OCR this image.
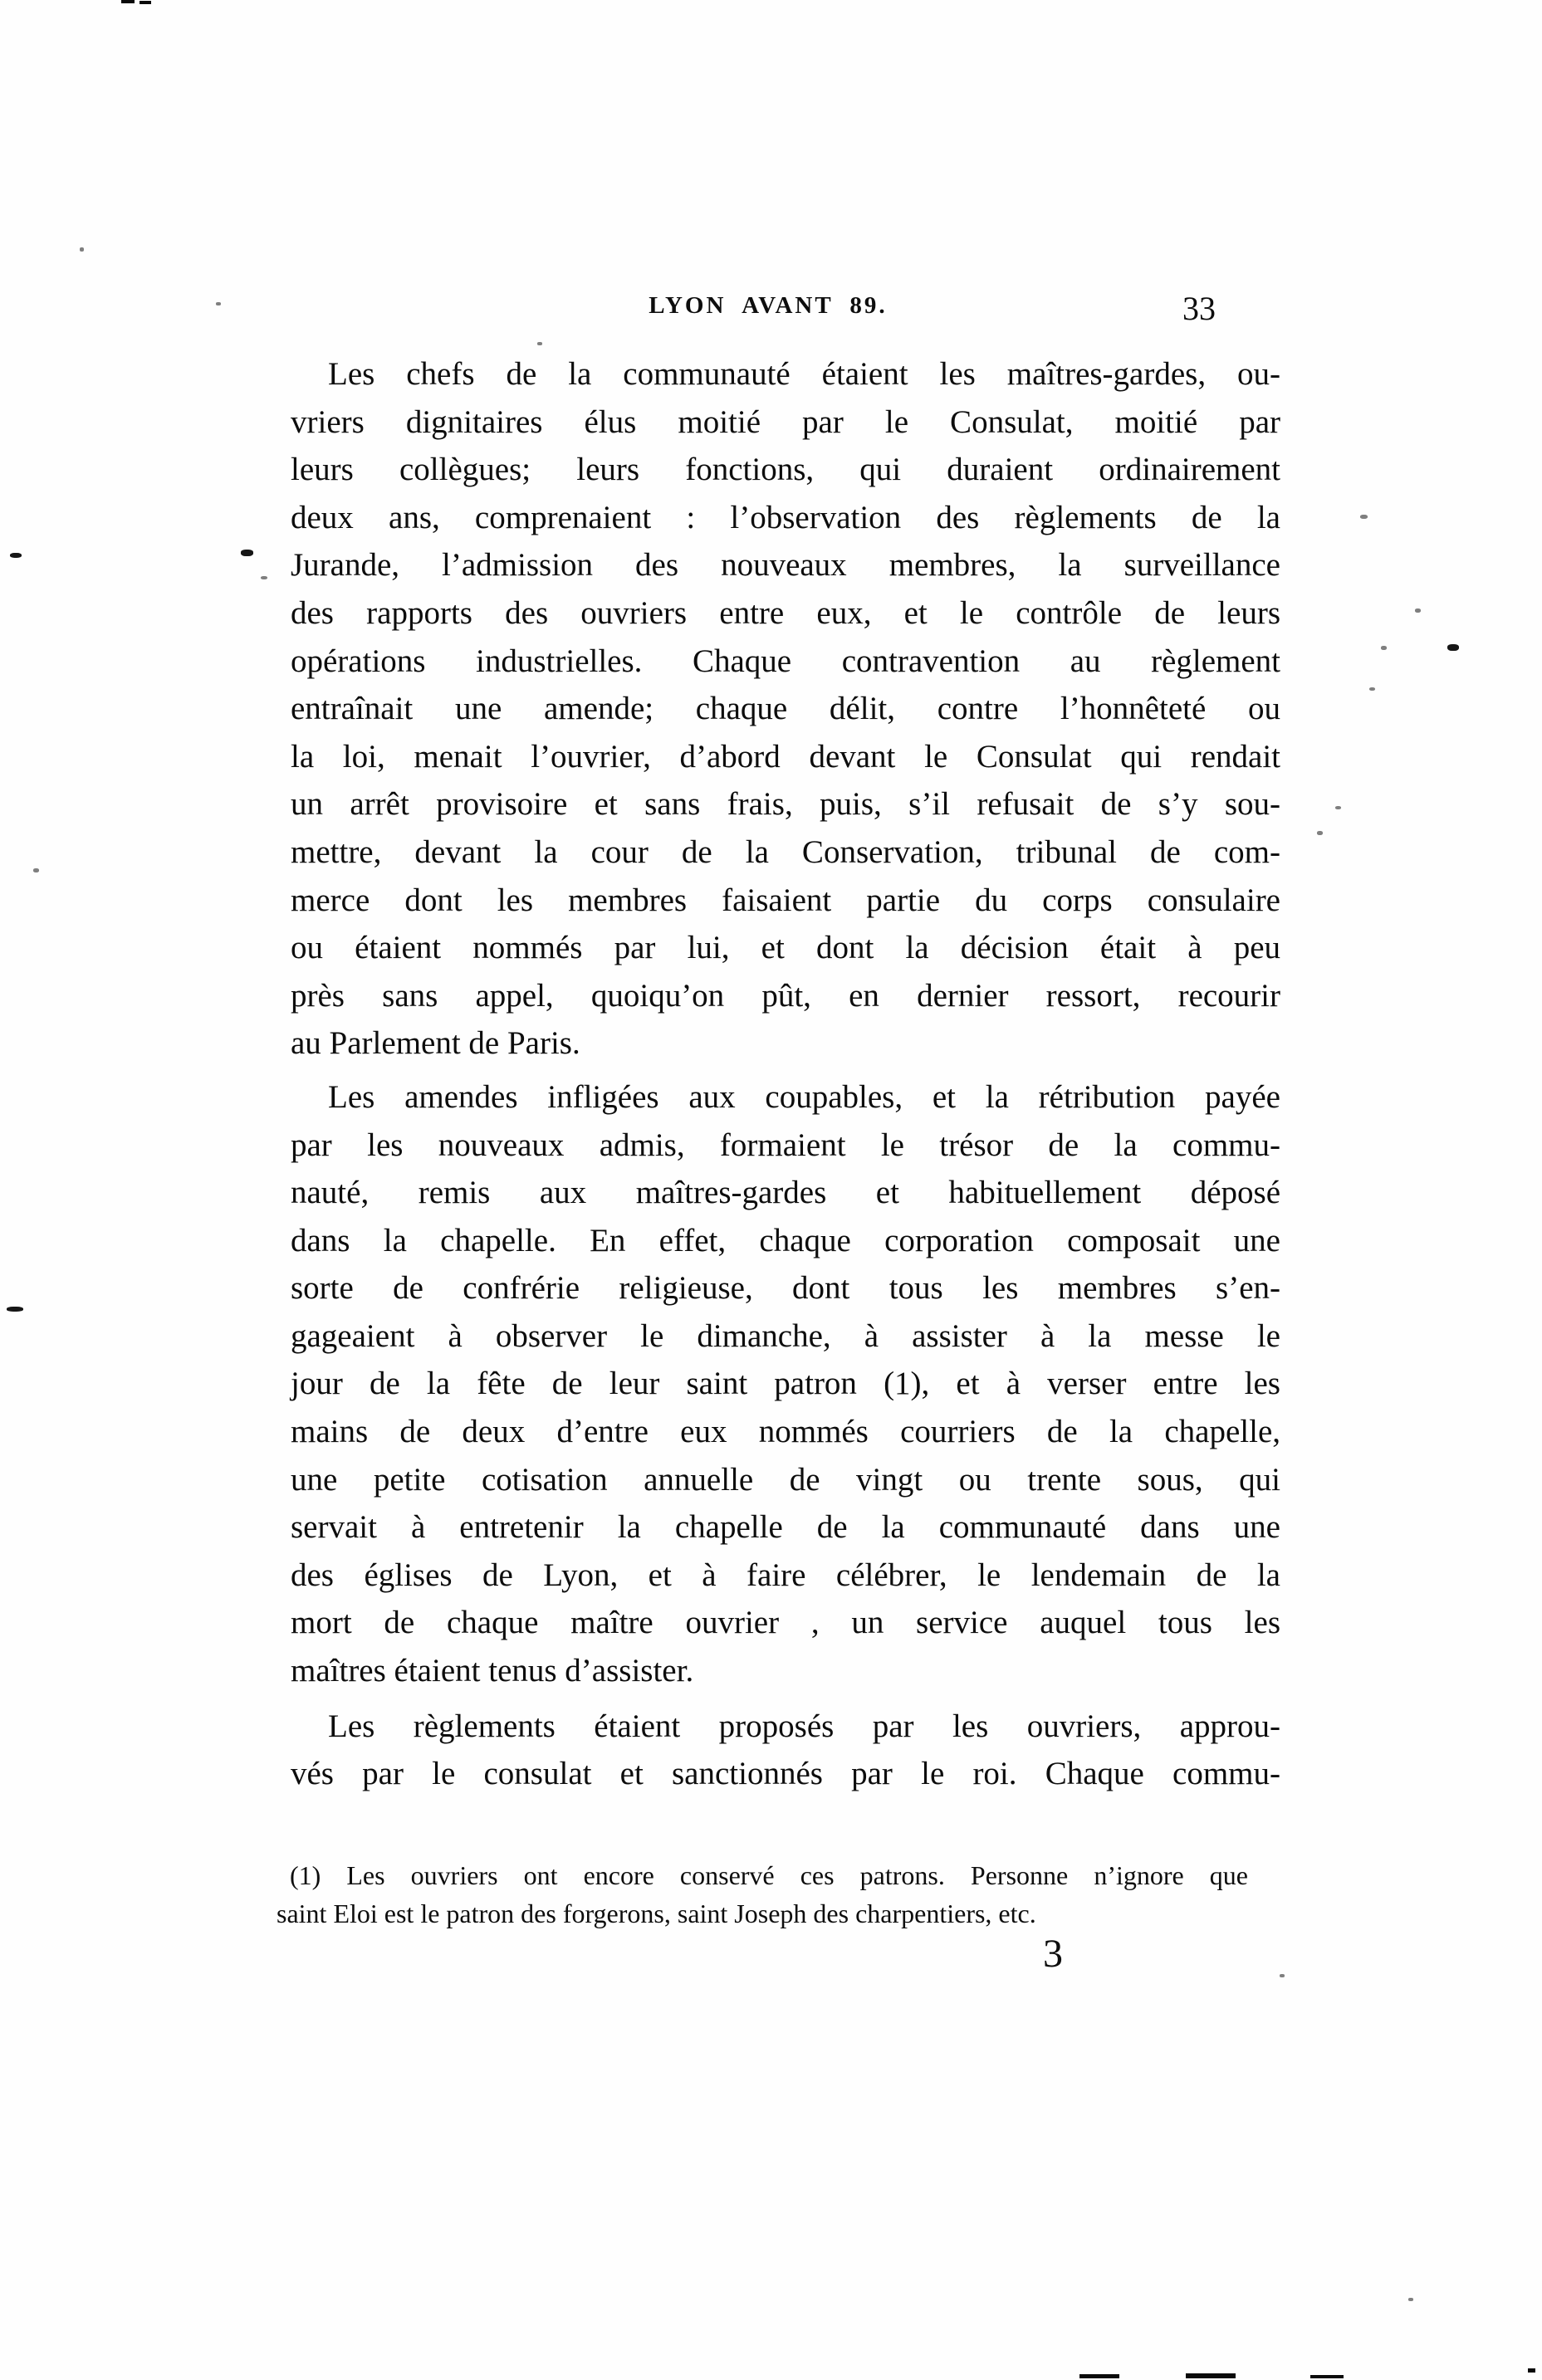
LYON AVANT 89.	33
Les chefs de la communauté étaient les maîtres-gardes, ou-
vriers dignitaires élus moitié par le Consulat, moitié par
leurs collègues; leurs fonctions, qui duraient ordinairement
deux ans, comprenaient : l’observation des règlements de la
Jurande, l’admission des nouveaux membres, la surveillance
des rapports des ouvriers entre eux, et le contrôle de leurs
opérations industrielles. Chaque contravention au règlement
entraînait une amende; chaque délit, contre l’honnêteté ou
la loi, menait l’ouvrier, d’abord devant le Consulat qui rendait
un arrêt provisoire et sans frais, puis, s’il refusait de s’y sou-
mettre, devant la cour de la Conservation, tribunal de com-
merce dont les membres faisaient partie du corps consulaire
ou étaient nommés par lui, et dont la décision était à peu
près sans appel, quoiqu’on pût, en dernier ressort, recourir
au Parlement de Paris.
Les amendes infligées aux coupables, et la rétribution payée
par les nouveaux admis, formaient le trésor de la commu-
nauté, remis aux maîtres-gardes et habituellement déposé
dans la chapelle. En effet, chaque corporation composait une
sorte de confrérie religieuse, dont tous les membres s’en-
gageaient à observer le dimanche, à assister à la messe le
jour de la fête de leur saint patron (1), et à verser entre les
mains de deux d’entre eux nommés courriers de la chapelle,
une petite cotisation annuelle de vingt ou trente sous, qui
servait à entretenir la chapelle de la communauté dans une
des églises de Lyon, et à faire célébrer, le lendemain de la
mort de chaque maître ouvrier , un service auquel tous les
maîtres étaient tenus d’assister.
Les règlements étaient proposés par les ouvriers, approu-
vés par le consulat et sanctionnés par le roi. Chaque commu-
(1) Les ouvriers ont encore conservé ces patrons. Personne n’ignore que
saint Eloi est le patron des forgerons, saint Joseph des charpentiers, etc.
3
